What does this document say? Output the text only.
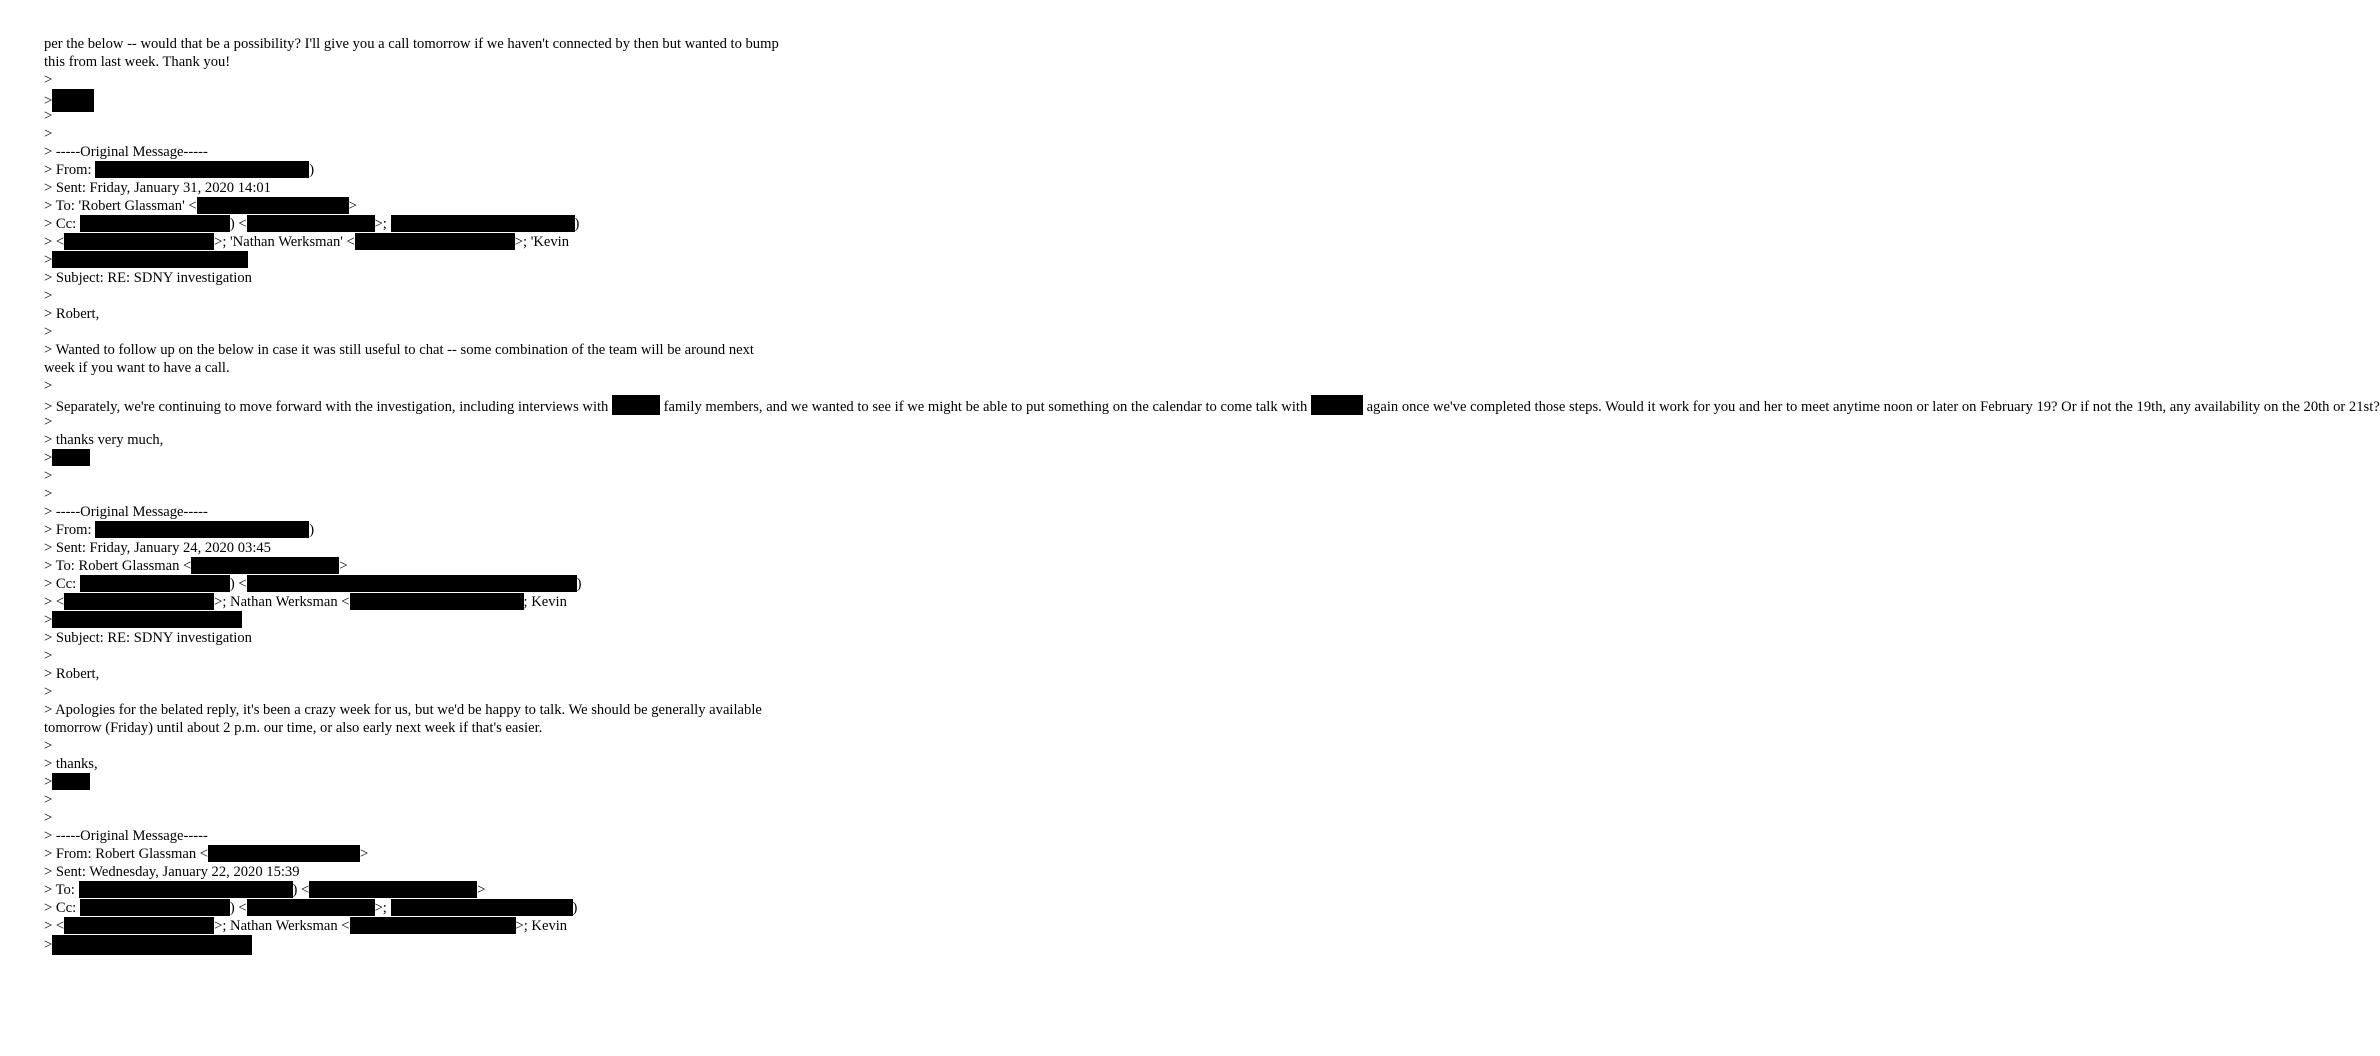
per the below -- would that be a possibility? I'll give you a call tomorrow if we haven't connected by then but wanted to bump this from last week. Thank you!
>
>
>
>
> -----Original Message-----
> From:	)
> Sent: Friday, January 31, 2020 14:01
> To: 'Robert Glassman' <	>
> Cc:	) <	>;	)
> <	>; 'Nathan Werksman' <	>; 'Kevin
>
> Subject: RE: SDNY investigation
>
> Robert,
>
> Wanted to follow up on the below in case it was still useful to chat -- some combination of the team will be around next week if you want to have a call.
>
> Separately, we're continuing to move forward with the investigation, including interviews with	family members, and we wanted to see if we might be able to put something on the calendar to come talk with	again once we've completed those steps. Would it work for you and her to meet anytime noon or later on February 19? Or if not the 19th, any availability on the 20th or 21st?
>
> thanks very much,
>
>
>
> -----Original Message-----
> From:	)
> Sent: Friday, January 24, 2020 03:45
> To: Robert Glassman <	>
> Cc:	) <	)
> <	>; Nathan Werksman <	; Kevin
>
> Subject: RE: SDNY investigation
>
> Robert,
>
> Apologies for the belated reply, it's been a crazy week for us, but we'd be happy to talk. We should be generally available tomorrow (Friday) until about 2 p.m. our time, or also early next week if that's easier.
>
> thanks,
>
>
>
> -----Original Message-----
> From: Robert Glassman <	>
> Sent: Wednesday, January 22, 2020 15:39
> To:	) <	>
> Cc:	) <	>;	)
> <	>; Nathan Werksman <	>; Kevin
>
